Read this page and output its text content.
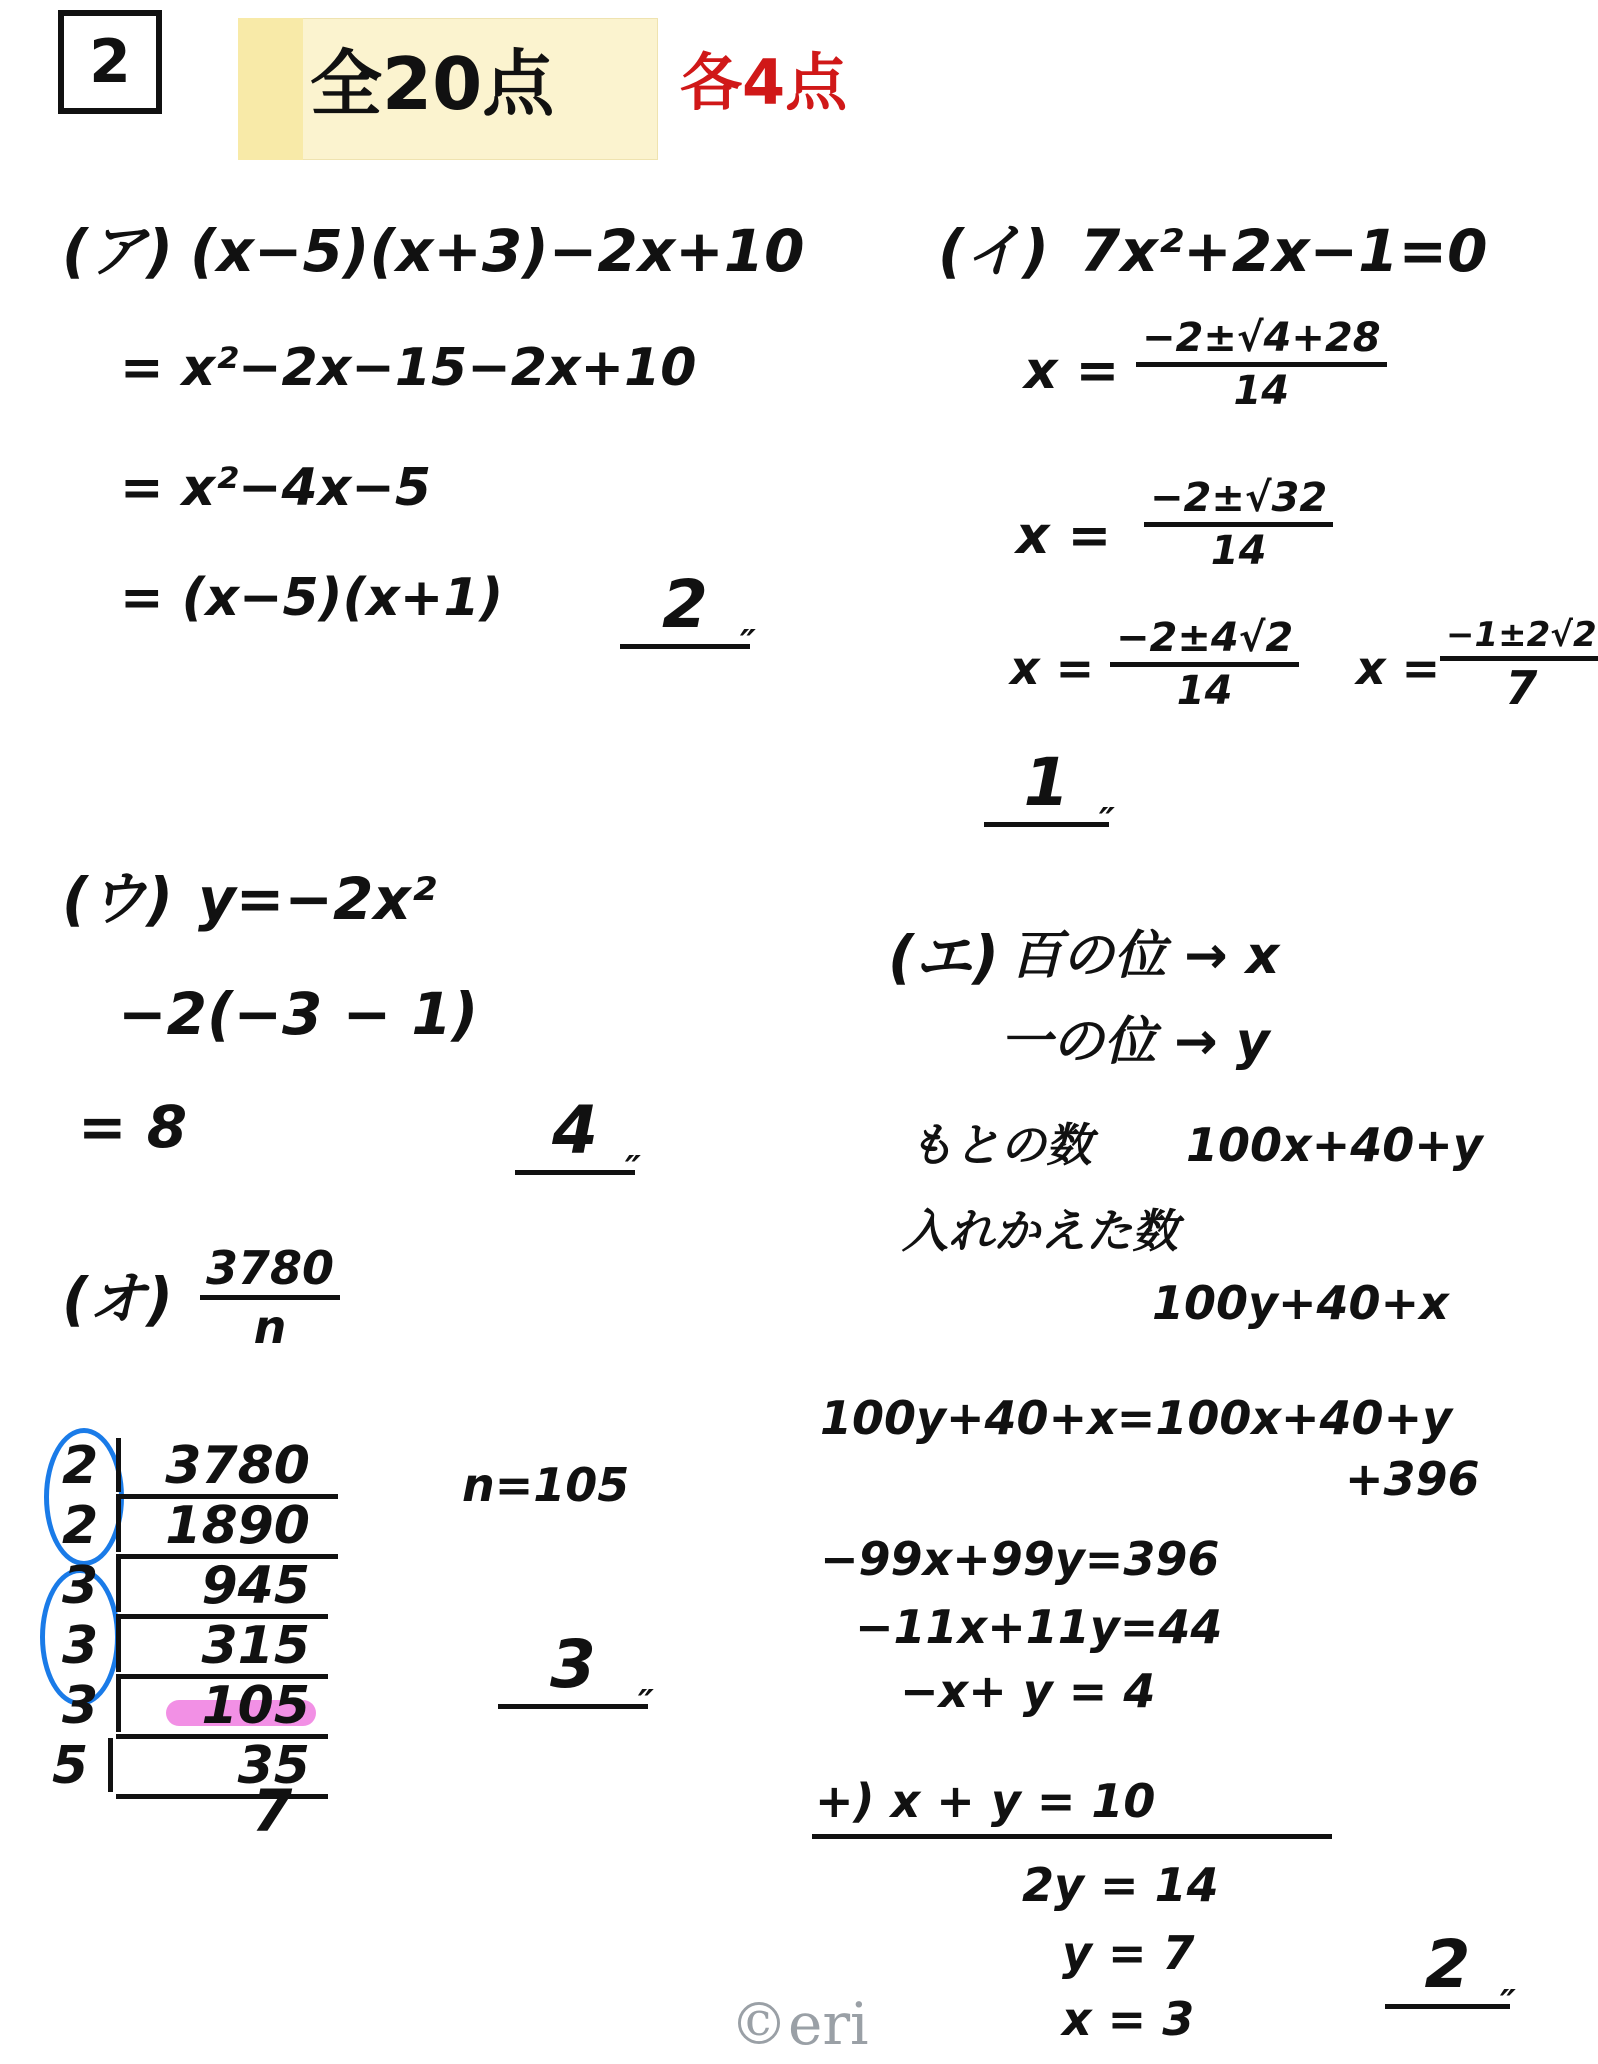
2 全20点 各4点
(ア) (x−5)(x+3)−2x+10
= x²−2x−15−2x+10
= x²−4x−5
= (x−5)(x+1)	2
″
(イ) 7x²+2x−1=0
$x = \frac{-2\pm√4+28}{14}$
$x = \frac{-2\pm√32}{14}$
$x = \frac{-2\pm 4√2}{14}$ x =
−1±2√2
7
1
″
(ウ) y=−2x²
−2(−3 − 1)
= 8	4
″
(エ) 百の位 → x
一の位 → y
もとの数 100x+40+y
入れかえた数
100y+40+x
100y+40+x=100x+40+y
+396
−99x+99y=396
−11x+11y=44
−x+ y = 4
+) x + y = 10
2y = 14
y = 7
x = 3
2
″
(オ) $\frac{3780}{n}$
n=105
3
″
2 3780
2 1890
3	945
3	315
3	105
5	35
7
©eri
